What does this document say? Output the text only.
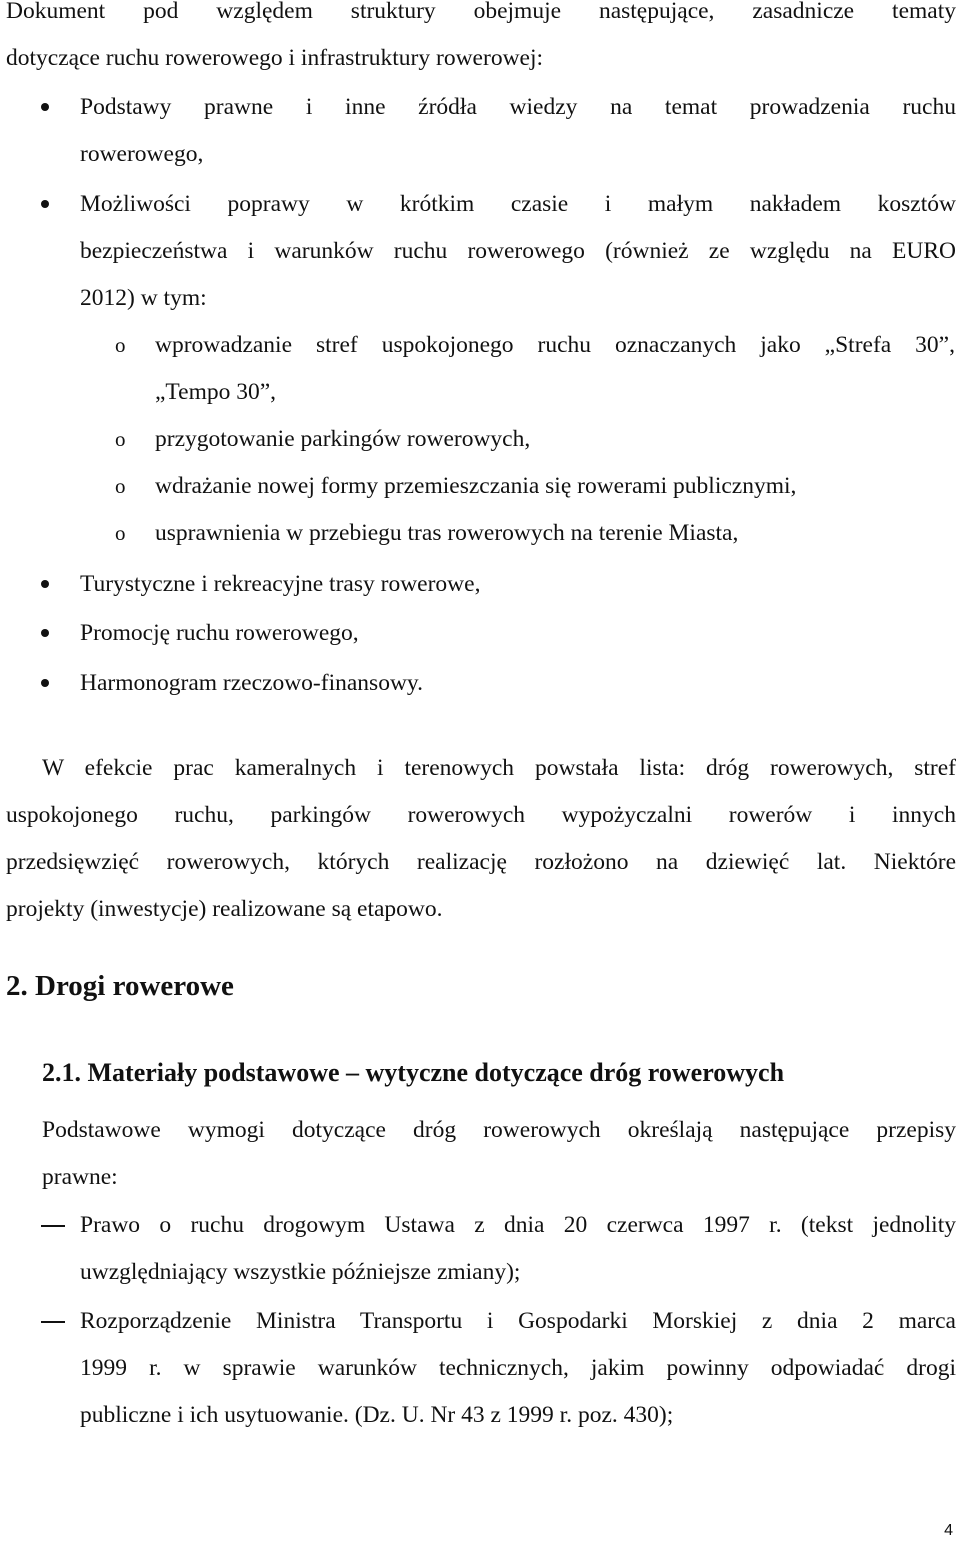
Dokument pod względem struktury obejmuje następujące, zasadnicze tematy
dotyczące ruchu rowerowego i infrastruktury rowerowej:
Podstawy prawne i inne źródła wiedzy na temat prowadzenia ruchu
rowerowego,
Możliwości poprawy w krótkim czasie i małym nakładem kosztów
bezpieczeństwa i warunków ruchu rowerowego (również ze względu na EURO
2012) w tym:
o wprowadzanie stref uspokojonego ruchu oznaczanych jako „Strefa 30”,
„Tempo 30”,
o przygotowanie parkingów rowerowych,
o wdrażanie nowej formy przemieszczania się rowerami publicznymi,
o usprawnienia w przebiegu tras rowerowych na terenie Miasta,
Turystyczne i rekreacyjne trasy rowerowe,
Promocję ruchu rowerowego,
Harmonogram rzeczowo-finansowy.
W efekcie prac kameralnych i terenowych powstała lista: dróg rowerowych, stref
uspokojonego ruchu, parkingów rowerowych wypożyczalni rowerów i innych
przedsięwzięć rowerowych, których realizację rozłożono na dziewięć lat. Niektóre
projekty (inwestycje) realizowane są etapowo.
2. Drogi rowerowe
2.1. Materiały podstawowe – wytyczne dotyczące dróg rowerowych
Podstawowe wymogi dotyczące dróg rowerowych określają następujące przepisy
prawne:
Prawo o ruchu drogowym Ustawa z dnia 20 czerwca 1997 r. (tekst jednolity
uwzględniający wszystkie późniejsze zmiany);
Rozporządzenie Ministra Transportu i Gospodarki Morskiej z dnia 2 marca
1999 r. w sprawie warunków technicznych, jakim powinny odpowiadać drogi
publiczne i ich usytuowanie. (Dz. U. Nr 43 z 1999 r. poz. 430);
4
